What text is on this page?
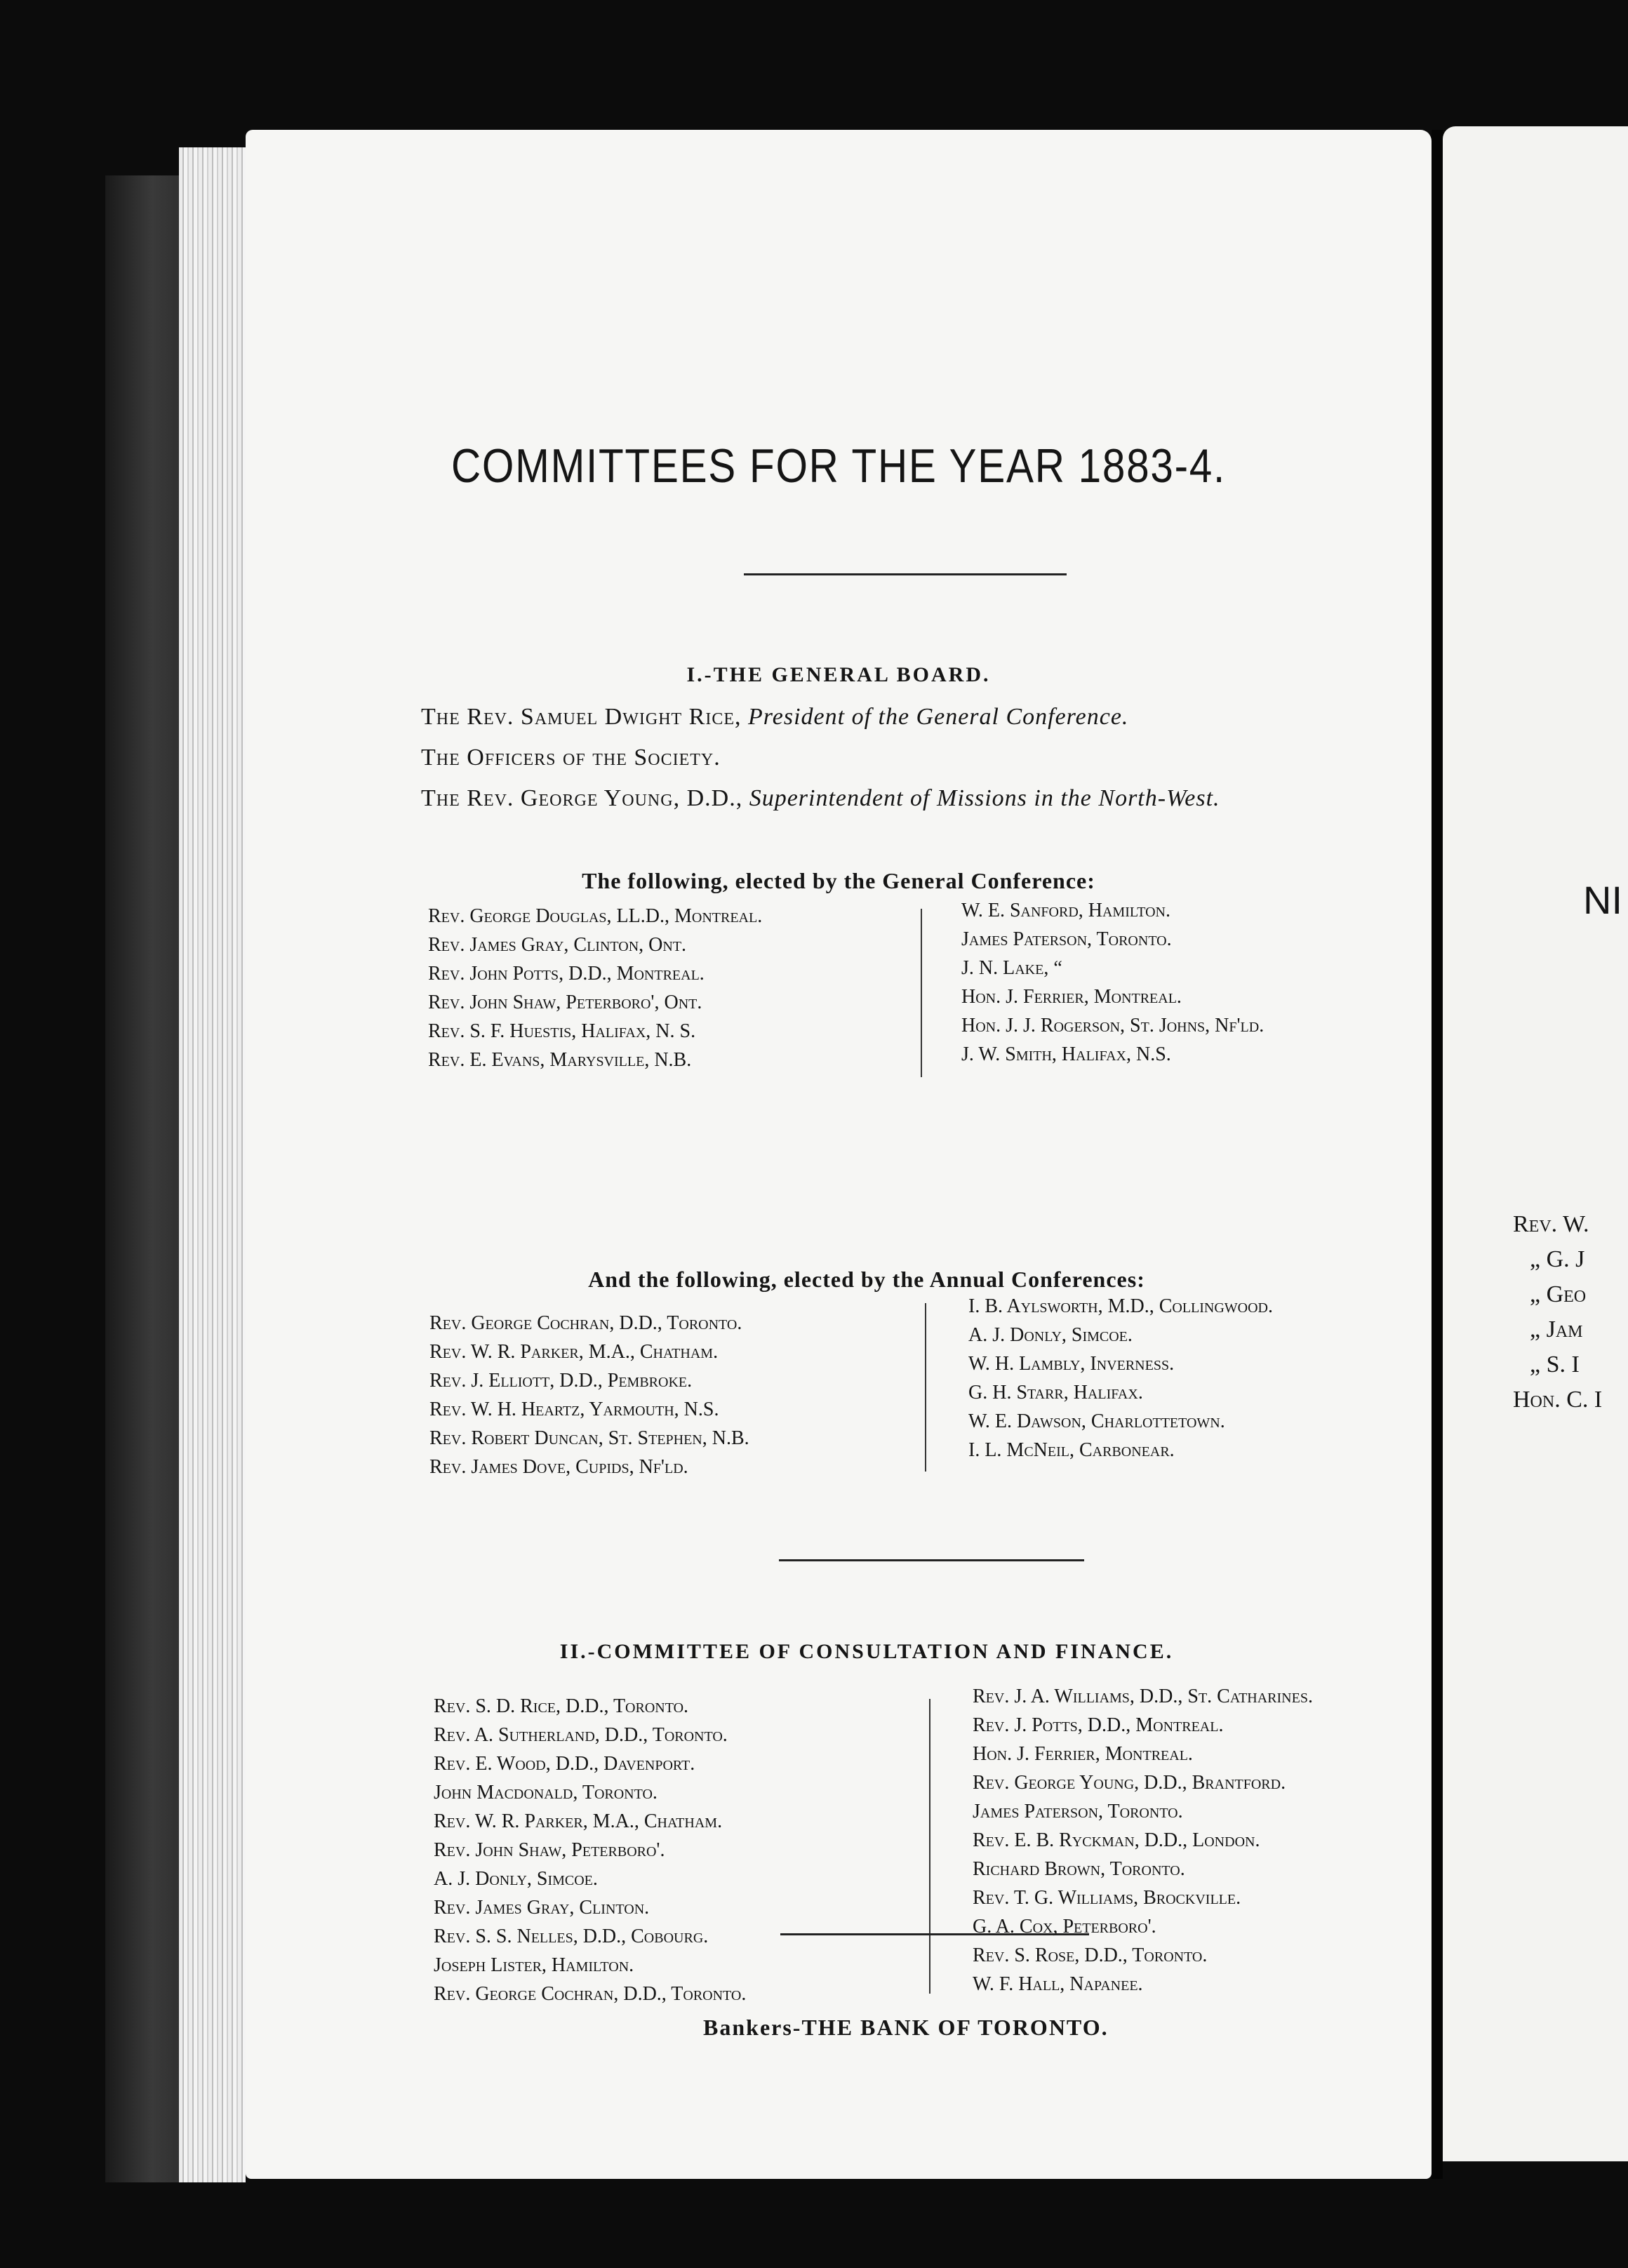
COMMITTEES FOR THE YEAR 1883-4.
I.-THE GENERAL BOARD.
The Rev. Samuel Dwight Rice, President of the General Conference.
The Officers of the Society.
The Rev. George Young, D.D., Superintendent of Missions in the North-West.
The following, elected by the General Conference:
Rev. George Douglas, LL.D., Montreal.
Rev. James Gray, Clinton, Ont.
Rev. John Potts, D.D., Montreal.
Rev. John Shaw, Peterboro', Ont.
Rev. S. F. Huestis, Halifax, N. S.
Rev. E. Evans, Marysville, N.B.
W. E. Sanford, Hamilton.
James Paterson, Toronto.
J. N. Lake, “
Hon. J. Ferrier, Montreal.
Hon. J. J. Rogerson, St. Johns, Nf'ld.
J. W. Smith, Halifax, N.S.
And the following, elected by the Annual Conferences:
Rev. George Cochran, D.D., Toronto.
Rev. W. R. Parker, M.A., Chatham.
Rev. J. Elliott, D.D., Pembroke.
Rev. W. H. Heartz, Yarmouth, N.S.
Rev. Robert Duncan, St. Stephen, N.B.
Rev. James Dove, Cupids, Nf'ld.
I. B. Aylsworth, M.D., Collingwood.
A. J. Donly, Simcoe.
W. H. Lambly, Inverness.
G. H. Starr, Halifax.
W. E. Dawson, Charlottetown.
I. L. McNeil, Carbonear.
II.-COMMITTEE OF CONSULTATION AND FINANCE.
Rev. S. D. Rice, D.D., Toronto.
Rev. A. Sutherland, D.D., Toronto.
Rev. E. Wood, D.D., Davenport.
John Macdonald, Toronto.
Rev. W. R. Parker, M.A., Chatham.
Rev. John Shaw, Peterboro'.
A. J. Donly, Simcoe.
Rev. James Gray, Clinton.
Rev. S. S. Nelles, D.D., Cobourg.
Joseph Lister, Hamilton.
Rev. George Cochran, D.D., Toronto.
Rev. J. A. Williams, D.D., St. Catharines.
Rev. J. Potts, D.D., Montreal.
Hon. J. Ferrier, Montreal.
Rev. George Young, D.D., Brantford.
James Paterson, Toronto.
Rev. E. B. Ryckman, D.D., London.
Richard Brown, Toronto.
Rev. T. G. Williams, Brockville.
G. A. Cox, Peterboro'.
Rev. S. Rose, D.D., Toronto.
W. F. Hall, Napanee.
Bankers-THE BANK OF TORONTO.
NI
Rev. W.
„ G. J
„ Geo
„ Jam
„ S. I
Hon. C. I
